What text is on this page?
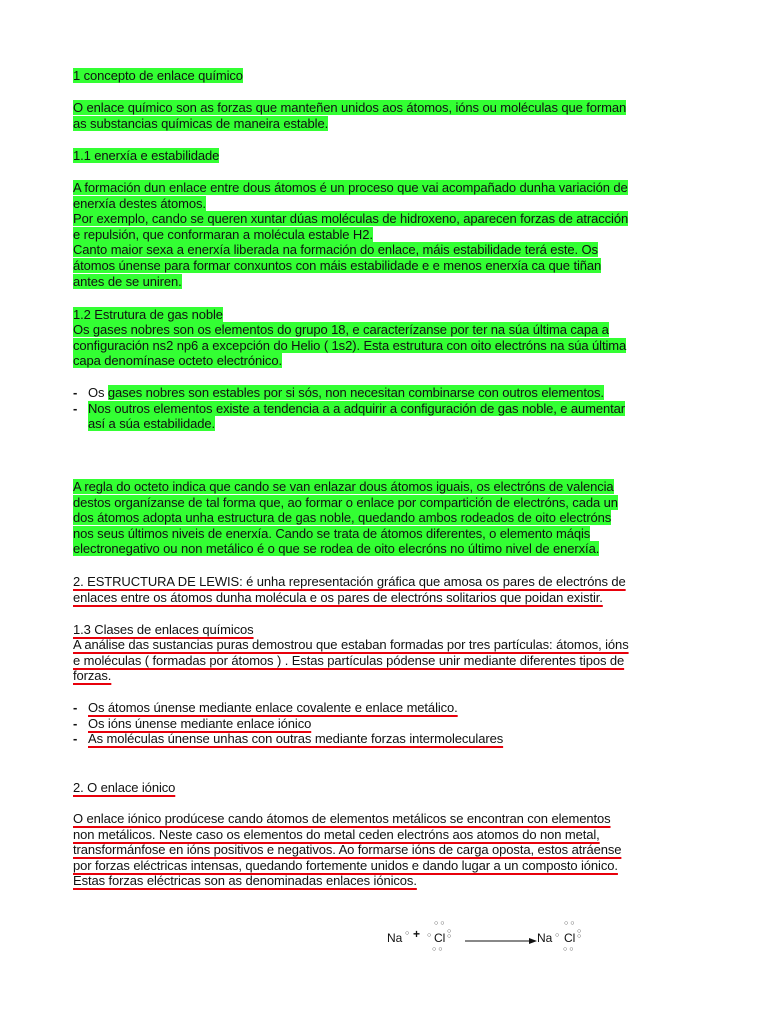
1 concepto de enlace químico
O enlace químico son as forzas que manteñen unidos aos átomos, ións ou moléculas que forman
as substancias químicas de maneira estable.
1.1 enerxía e estabilidade
A formación dun enlace entre dous átomos é un proceso que vai acompañado dunha variación de
enerxía destes átomos.
Por exemplo, cando se queren xuntar dúas moléculas de hidroxeno, aparecen forzas de atracción
e repulsión, que conformaran a molécula estable H2.
Canto maior sexa a enerxía liberada na formación do enlace, máis estabilidade terá este. Os
átomos únense para formar conxuntos con máis estabilidade e e menos enerxía ca que tiñan
antes de se uniren.
1.2 Estrutura de gas noble
Os gases nobres son os elementos do grupo 18, e caracterízanse por ter na súa última capa a
configuración ns2 np6 a excepción do Helio ( 1s2). Esta estrutura con oito electróns na súa última
capa denomínase octeto electrónico.
- Os gases nobres son estables por si sós, non necesitan combinarse con outros elementos.
- Nos outros elementos existe a tendencia a a adquirir a configuración de gas noble, e aumentar
así a súa estabilidade.
A regla do octeto indica que cando se van enlazar dous átomos iguais, os electróns de valencia
destos organízanse de tal forma que, ao formar o enlace por compartición de electróns, cada un
dos átomos adopta unha estructura de gas noble, quedando ambos rodeados de oito electróns
nos seus últimos niveis de enerxía. Cando se trata de átomos diferentes, o elemento máqis
electronegativo ou non metálico é o que se rodea de oito elecróns no último nivel de enerxía.
2. ESTRUCTURA DE LEWIS: é unha representación gráfica que amosa os pares de electróns de
enlaces entre os átomos dunha molécula e os pares de electróns solitarios que poidan existir.
1.3 Clases de enlaces químicos
A análise das sustancias puras demostrou que estaban formadas por tres partículas: átomos, ións
e moléculas ( formadas por átomos ) . Estas partículas pódense unir mediante diferentes tipos de
forzas.
- Os átomos únense mediante enlace covalente e enlace metálico.
- Os ións únense mediante enlace iónico
- As moléculas únense unhas con outras mediante forzas intermoleculares
2. O enlace iónico
O enlace iónico prodúcese cando átomos de elementos metálicos se encontran con elementos
non metálicos. Neste caso os elementos do metal ceden electróns aos atomos do non metal,
transformánfose en ións positivos e negativos. Ao formarse ións de carga oposta, estos atráense
por forzas eléctricas intensas, quedando fortemente unidos e dando lugar a un composto iónico.
Estas forzas eléctricas son as denominadas enlaces iónicos.
Na ○ + ○
○○
Cl ○
○
○○
Na ○
○○
Cl ○
○
○○
